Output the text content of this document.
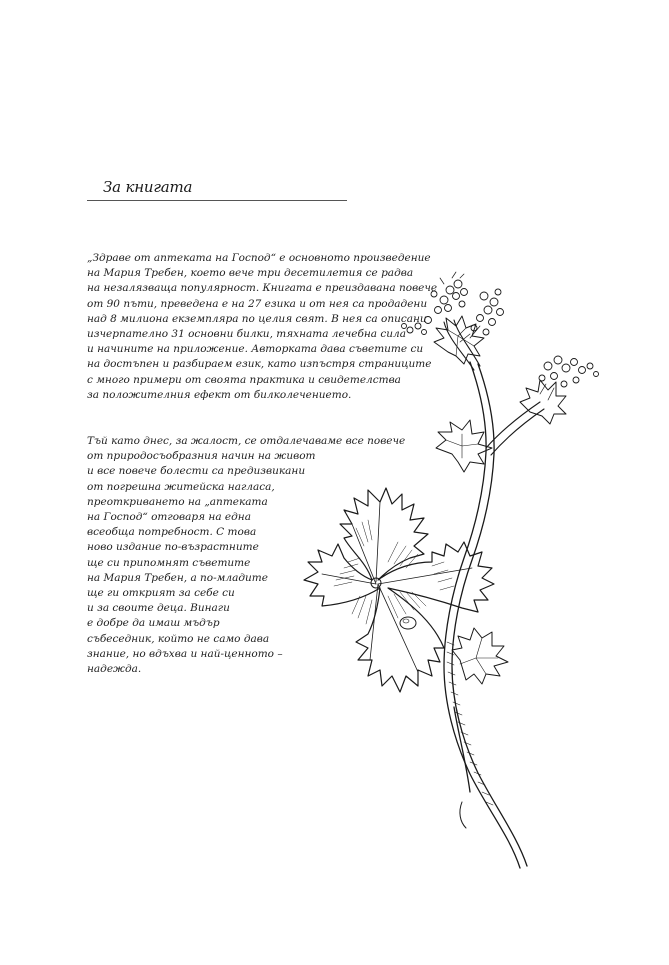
За книгата
„Здраве от аптеката на Господ“ е основното произведение
на Мария Требен, което вече три десетилетия се радва
на незалязваща популярност. Книгата е преиздавана повече
от 90 пъти, преведена е на 27 езика и от нея са продадени
над 8 милиона екземпляра по целия свят. В нея са описани
изчерпателно 31 основни билки, тяхната лечебна сила
и начините на приложение. Авторката дава съветите си
на достъпен и разбираем език, като изпъстря страниците
с много примери от своята практика и свидетелства
за положителния ефект от билколечението.
Тъй като днес, за жалост, се отдалечаваме все повече
от природосъобразния начин на живот
и все повече болести са предизвикани
от погрешна житейска нагласа,
преоткриването на „аптеката
на Господ“ отговаря на една
всеобща потребност. С това
ново издание по-възрастните
ще си припомнят съветите
на Мария Требен, а по-младите
ще ги открият за себе си
и за своите деца. Винаги
е добре да имаш мъдър
събеседник, който не само дава
знание, но вдъхва и най-ценното –
надежда.
